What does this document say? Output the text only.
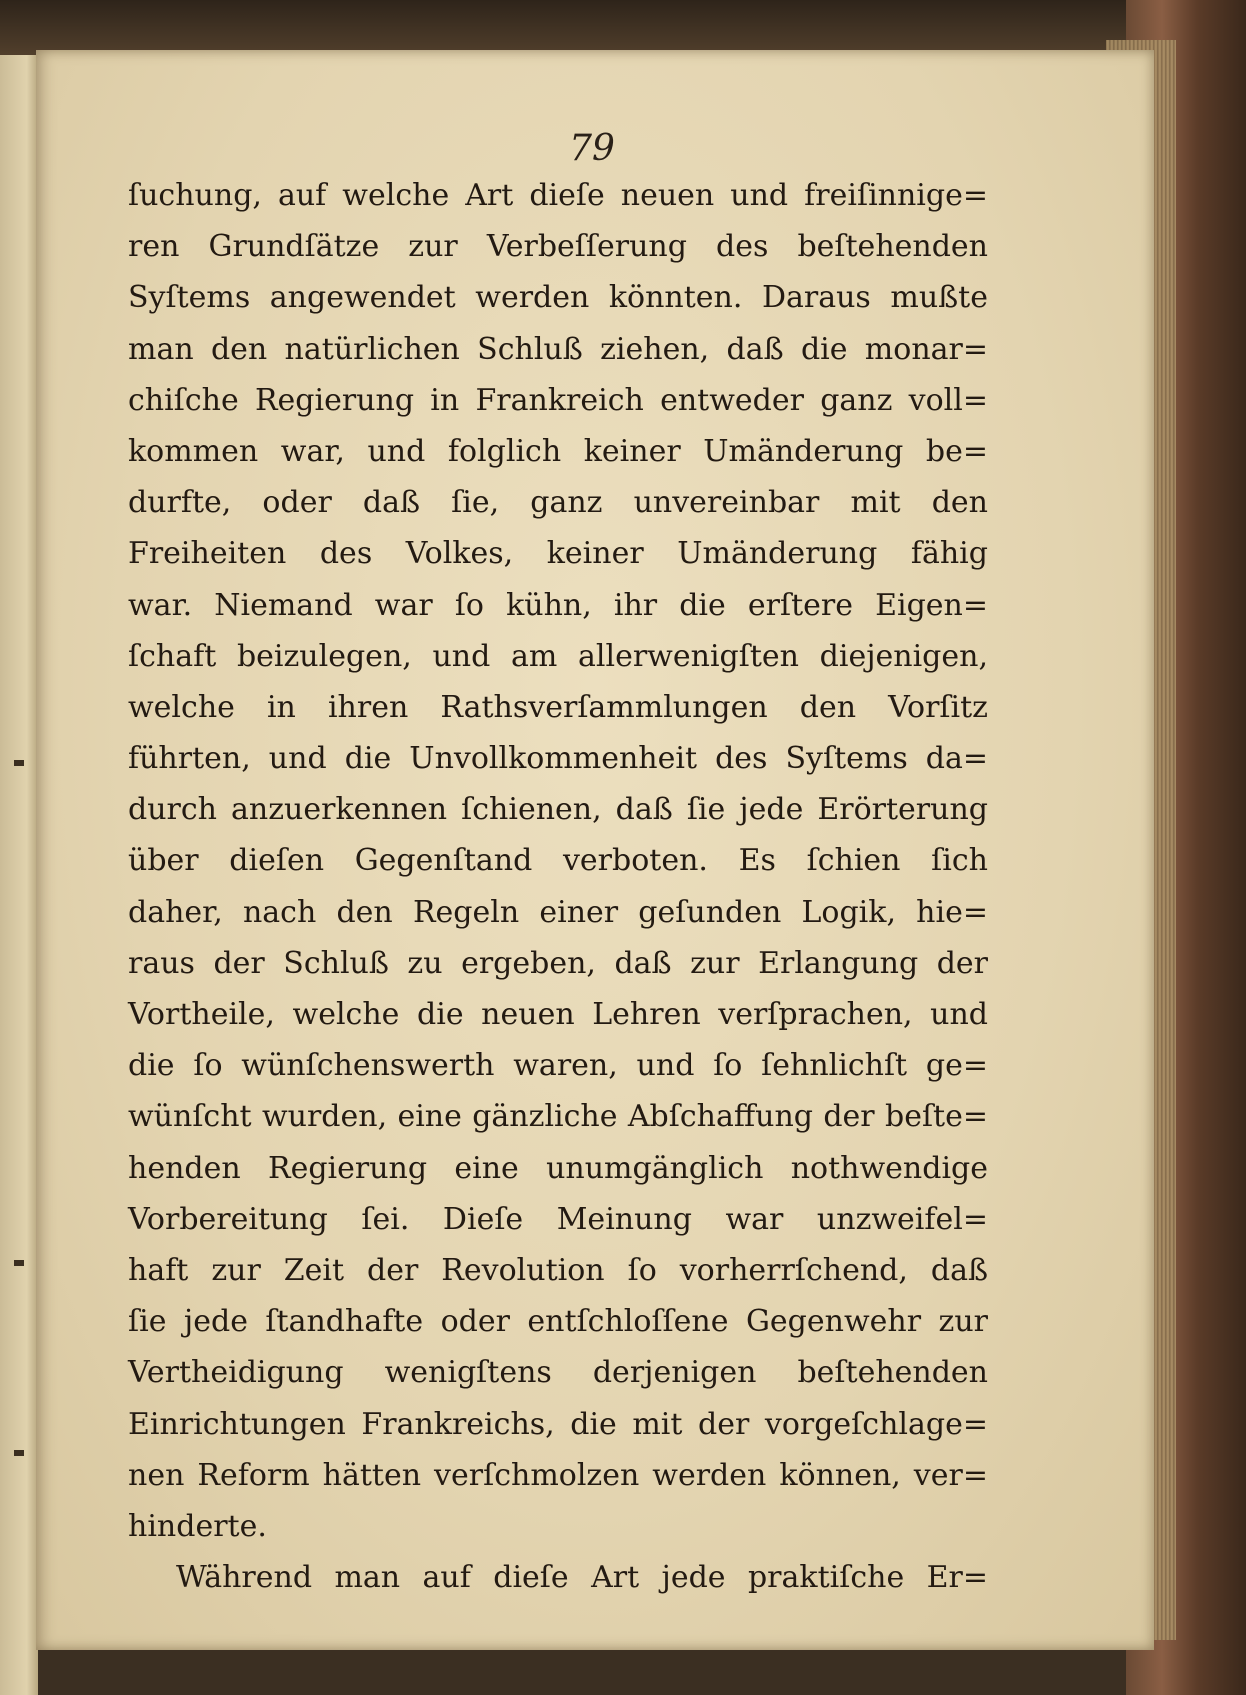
79
ſuchung, auf welche Art dieſe neuen und freiſinnige=
ren Grundſätze zur Verbeſſerung des beſtehenden
Syſtems angewendet werden könnten. Daraus mußte
man den natürlichen Schluß ziehen, daß die monar=
chiſche Regierung in Frankreich entweder ganz voll=
kommen war, und folglich keiner Umänderung be=
durfte, oder daß ſie, ganz unvereinbar mit den
Freiheiten des Volkes, keiner Umänderung fähig
war. Niemand war ſo kühn, ihr die erſtere Eigen=
ſchaft beizulegen, und am allerwenigſten diejenigen,
welche in ihren Rathsverſammlungen den Vorſitz
führten, und die Unvollkommenheit des Syſtems da=
durch anzuerkennen ſchienen, daß ſie jede Erörterung
über dieſen Gegenſtand verboten. Es ſchien ſich
daher, nach den Regeln einer geſunden Logik, hie=
raus der Schluß zu ergeben, daß zur Erlangung der
Vortheile, welche die neuen Lehren verſprachen, und
die ſo wünſchenswerth waren, und ſo ſehnlichſt ge=
wünſcht wurden, eine gänzliche Abſchaffung der beſte=
henden Regierung eine unumgänglich nothwendige
Vorbereitung ſei. Dieſe Meinung war unzweifel=
haft zur Zeit der Revolution ſo vorherrſchend, daß
ſie jede ſtandhafte oder entſchloſſene Gegenwehr zur
Vertheidigung wenigſtens derjenigen beſtehenden
Einrichtungen Frankreichs, die mit der vorgeſchlage=
nen Reform hätten verſchmolzen werden können, ver=
hinderte.
Während man auf dieſe Art jede praktiſche Er=
